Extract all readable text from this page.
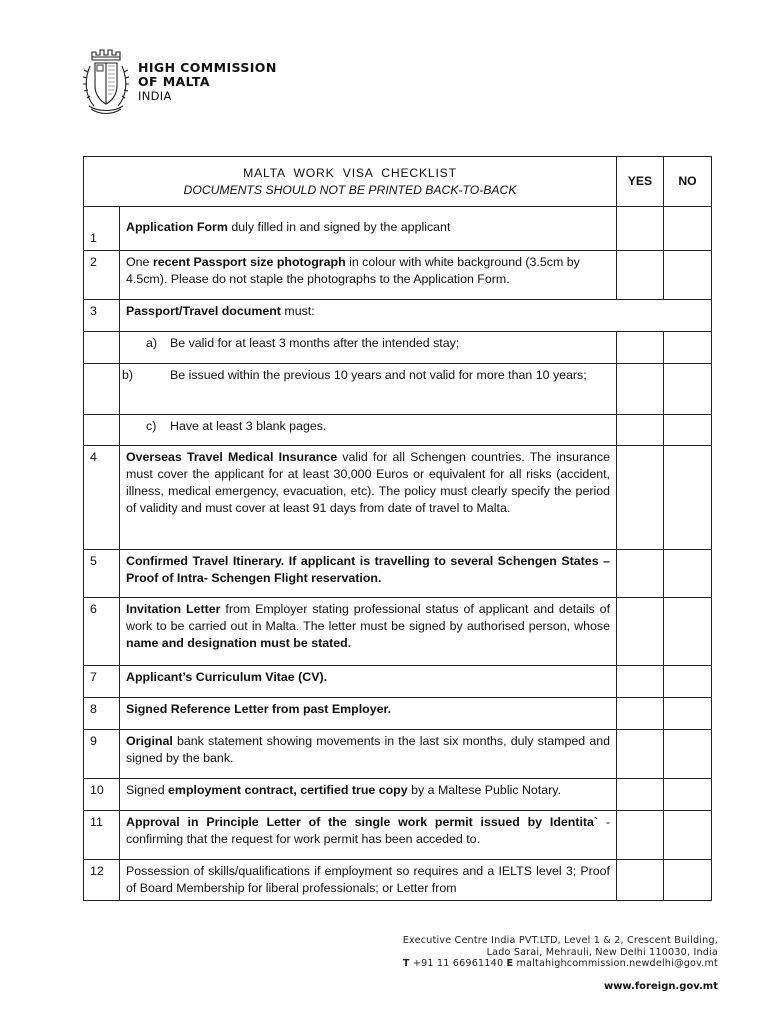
HIGH COMMISSION
OF MALTA
INDIA
MALTA WORK VISA CHECKLIST
DOCUMENTS SHOULD NOT BE PRINTED BACK-TO-BACK		YES	NO
1	Application Form duly filled in and signed by the applicant		
2	One recent Passport size photograph in colour with white background (3.5cm by 4.5cm). Please do not staple the photographs to the Application Form.		
3	Passport/Travel document must:		
	a) Be valid for at least 3 months after the intended stay;		

	b) Be issued within the previous 10 years and not valid for more than 10 years;		

	c) Have at least 3 blank pages.		
4	Overseas Travel Medical Insurance valid for all Schengen countries. The insurance must cover the applicant for at least 30,000 Euros or equivalent for all risks (accident, illness, medical emergency, evacuation, etc). The policy must clearly specify the period of validity and must cover at least 91 days from date of travel to Malta.		
5	Confirmed Travel Itinerary. If applicant is travelling to several Schengen States – Proof of Intra- Schengen Flight reservation.		
6	Invitation Letter from Employer stating professional status of applicant and details of work to be carried out in Malta. The letter must be signed by authorised person, whose name and designation must be stated.		
7	Applicant’s Curriculum Vitae (CV).		
8	Signed Reference Letter from past Employer.		
9	Original bank statement showing movements in the last six months, duly stamped and signed by the bank.		
10	Signed employment contract, certified true copy by a Maltese Public Notary.		
11	Approval in Principle Letter of the single work permit issued by Identita` - confirming that the request for work permit has been acceded to.		
12	Possession of skills/qualifications if employment so requires and a IELTS level 3; Proof of Board Membership for liberal professionals; or Letter from		
Executive Centre India PVT.LTD, Level 1 & 2, Crescent Building,
Lado Sarai, Mehrauli, New Delhi 110030, India
T +91 11 66961140 E maltahighcommission.newdelhi@gov.mt
www.foreign.gov.mt
